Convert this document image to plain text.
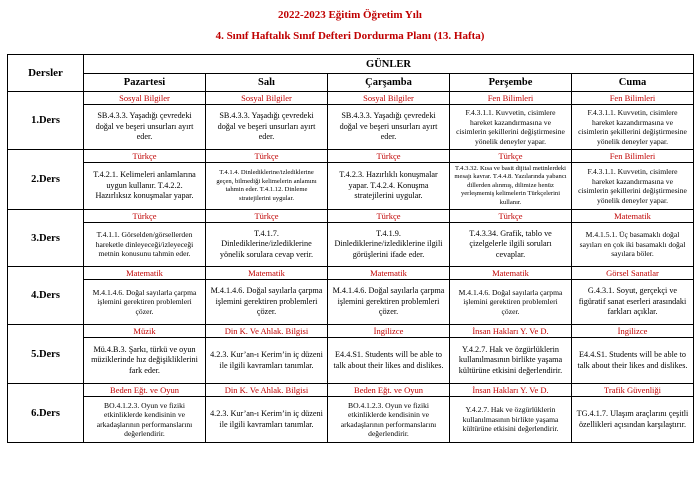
2022-2023 Eğitim Öğretim Yılı
4. Sınıf Haftalık Sınıf Defteri Dordurma Planı (13. Hafta)
Dersler	GÜNLER				
	Pazartesi	Salı	Çarşamba	Perşembe	Cuma
1.Ders	Sosyal Bilgiler	Sosyal Bilgiler	Sosyal Bilgiler	Fen Bilimleri	Fen Bilimleri

	SB.4.3.3. Yaşadığı çevredeki doğal ve beşeri unsurları ayırt eder.	SB.4.3.3. Yaşadığı çevredeki doğal ve beşeri unsurları ayırt eder.	SB.4.3.3. Yaşadığı çevredeki doğal ve beşeri unsurları ayırt eder.	F.4.3.1.1. Kuvvetin, cisimlere hareket kazandırmasına ve cisimlerin şekillerini değiştirmesine yönelik deneyler yapar.	F.4.3.1.1. Kuvvetin, cisimlere hareket kazandırmasına ve cisimlerin şekillerini değiştirmesine yönelik deneyler yapar.

2.Ders	Türkçe	Türkçe	Türkçe	Türkçe	Fen Bilimleri

	T.4.2.1. Kelimeleri anlamlarına uygun kullanır. T.4.2.2. Hazırlıksız konuşmalar yapar.	T.4.1.4. Dinlediklerine/izlediklerine geçen, bilmediği kelimelerin anlamını tahmin eder. T.4.1.12. Dinleme stratejilerini uygular.	T.4.2.3. Hazırlıklı konuşmalar yapar. T.4.2.4. Konuşma stratejilerini uygular.	T.4.3.32. Kısa ve basit dijital metinlerdeki mesajı kavrar. T.4.4.8. Yazılarında yabancı dillerden alınmış, dilimize henüz yerleşmemiş kelimelerin Türkçelerini kullanır.	F.4.3.1.1. Kuvvetin, cisimlere hareket kazandırmasına ve cisimlerin şekillerini değiştirmesine yönelik deneyler yapar.

3.Ders	Türkçe	Türkçe	Türkçe	Türkçe	Matematik

	T.4.1.1. Görselden/görsellerden hareketle dinleyeceği/izleyeceği metnin konusunu tahmin eder.	T.4.1.7. Dinlediklerine/izlediklerine yönelik sorulara cevap verir.	T.4.1.9. Dinlediklerine/izlediklerine ilgili görüşlerini ifade eder.	T.4.3.34. Grafik, tablo ve çizelgelerle ilgili soruları cevaplar.	M.4.1.5.1. Üç basamaklı doğal sayıları en çok iki basamaklı doğal sayılara böler.

4.Ders	Matematik	Matematik	Matematik	Matematik	Görsel Sanatlar

	M.4.1.4.6. Doğal sayılarla çarpma işlemini gerektiren problemleri çözer.	M.4.1.4.6. Doğal sayılarla çarpma işlemini gerektiren problemleri çözer.	M.4.1.4.6. Doğal sayılarla çarpma işlemini gerektiren problemleri çözer.	M.4.1.4.6. Doğal sayılarla çarpma işlemini gerektiren problemleri çözer.	G.4.3.1. Soyut, gerçekçi ve figüratif sanat eserleri arasındaki farkları açıklar.

5.Ders	Müzik	Din K. Ve Ahlak. Bilgisi	İngilizce	İnsan Hakları Y. Ve D.	İngilizce

	Mü.4.B.3. Şarkı, türkü ve oyun müziklerinde hız değişikliklerini fark eder.	4.2.3. Kur’an-ı Kerim’in iç düzeni ile ilgili kavramları tanımlar.	E4.4.S1. Students will be able to talk about their likes and dislikes.	Y.4.2.7. Hak ve özgürlüklerin kullanılmasının birlikte yaşama kültürüne etkisini değerlendirir.	E4.4.S1. Students will be able to talk about their likes and dislikes.

6.Ders	Beden Eğt. ve Oyun	Din K. Ve Ahlak. Bilgisi	Beden Eğt. ve Oyun	İnsan Hakları Y. Ve D.	Trafik Güvenliği

	BO.4.1.2.3. Oyun ve fiziki etkinliklerde kendisinin ve arkadaşlarının performanslarını değerlendirir.	4.2.3. Kur’an-ı Kerim’in iç düzeni ile ilgili kavramları tanımlar.	BO.4.1.2.3. Oyun ve fiziki etkinliklerde kendisinin ve arkadaşlarının performanslarını değerlendirir.	Y.4.2.7. Hak ve özgürlüklerin kullanılmasının birlikte yaşama kültürüne etkisini değerlendirir.	TG.4.1.7. Ulaşım araçlarını çeşitli özellikleri açısından karşılaştırır.
